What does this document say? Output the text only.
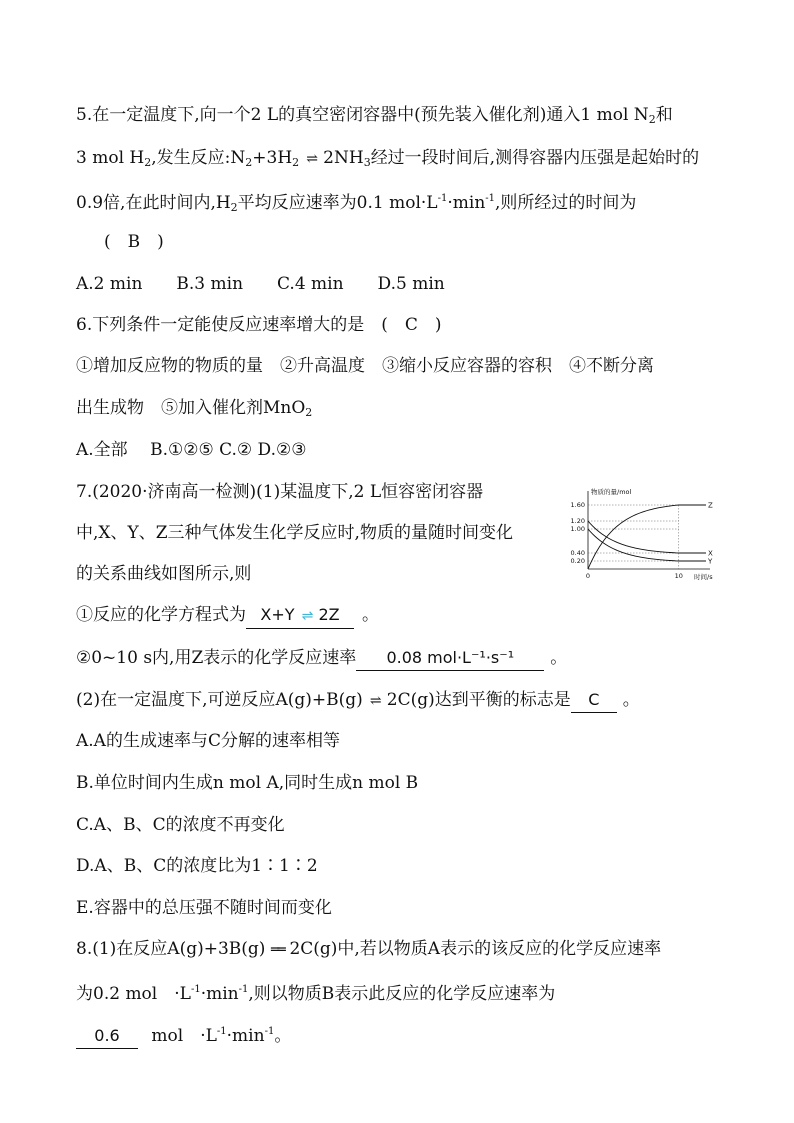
5.在一定温度下,向一个2 L的真空密闭容器中(预先装入催化剂)通入1 mol $N_2$和
3 mol $H_2$,发生反应$:N_2+3H_2$ ⇌ $2NH_3$经过一段时间后,测得容器内压强是起始时的
0.9倍,在此时间内$,H_2$平均反应速率为0.1 $mol\cdot L^{-1}\cdot\min^{-1}$,则所经过的时间为
(　B　)
A.2 min　　B.3 min　　C.4 min　　D.5 min
6.下列条件一定能使反应速率增大的是　(　C　)
①增加反应物的物质的量　②升高温度　③缩小反应容器的容积　④不断分离
出生成物　⑤加入催化剂MnO$_2$
A.全部　 B.①②⑤ C.② D.②③
7.(2020·济南高一检测)(1)某温度下,2 L恒容密闭容器
中,X、Y、Z三种气体发生化学反应时,物质的量随时间变化
的关系曲线如图所示,则
物质的量/mol
时间/s
1.60
1.20
1.00
0.40
0.20
0	10
Z
X
Y
①反应的化学方程式为 X+Y ⇌ 2Z 。
②0~10 s内,用Z表示的化学反应速率 0.08 mol·L⁻¹·s⁻¹ 。
(2)在一定温度下,可逆反应A(g)+B(g) ⇌ 2C(g)达到平衡的标志是 C 。
A.A的生成速率与C分解的速率相等
B.单位时间内生成n mol A,同时生成n mol B
C.A、B、C的浓度不再变化
D.A、B、C的浓度比为1∶1∶2
E.容器中的总压强不随时间而变化
8.(1)在反应A(g)+3B(g) ══ 2C(g)中,若以物质A表示的该反应的化学反应速率
为0.2 mol　$\cdot L^{-1}\cdot\min^{-1}$,则以物质B表示此反应的化学反应速率为
0.6 mol　$\cdot L^{-1}\cdot\min^{-1}$。
